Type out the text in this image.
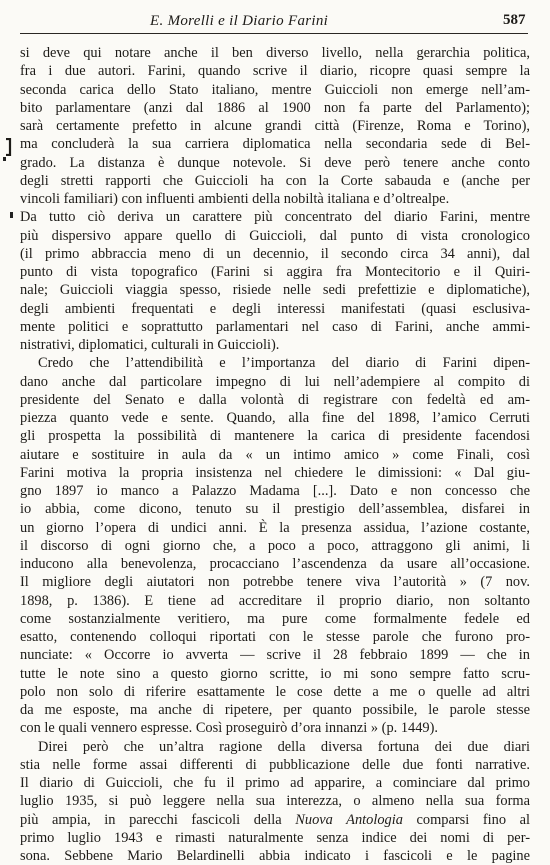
E. Morelli e il Diario Farini	587
si deve qui notare anche il ben diverso livello, nella gerarchia politica,
fra i due autori. Farini, quando scrive il diario, ricopre quasi sempre la
seconda carica dello Stato italiano, mentre Guiccioli non emerge nell’am-
bito parlamentare (anzi dal 1886 al 1900 non fa parte del Parlamento);
sarà certamente prefetto in alcune grandi città (Firenze, Roma e Torino),
ma concluderà la sua carriera diplomatica nella secondaria sede di Bel-
grado. La distanza è dunque notevole. Si deve però tenere anche conto
degli stretti rapporti che Guiccioli ha con la Corte sabauda e (anche per
vincoli familiari) con influenti ambienti della nobiltà italiana e d’oltrealpe.
Da tutto ciò deriva un carattere più concentrato del diario Farini, mentre
più dispersivo appare quello di Guiccioli, dal punto di vista cronologico
(il primo abbraccia meno di un decennio, il secondo circa 34 anni), dal
punto di vista topografico (Farini si aggira fra Montecitorio e il Quiri-
nale; Guiccioli viaggia spesso, risiede nelle sedi prefettizie e diplomatiche),
degli ambienti frequentati e degli interessi manifestati (quasi esclusiva-
mente politici e soprattutto parlamentari nel caso di Farini, anche ammi-
nistrativi, diplomatici, culturali in Guiccioli).
Credo che l’attendibilità e l’importanza del diario di Farini dipen-
dano anche dal particolare impegno di lui nell’adempiere al compito di
presidente del Senato e dalla volontà di registrare con fedeltà ed am-
piezza quanto vede e sente. Quando, alla fine del 1898, l’amico Cerruti
gli prospetta la possibilità di mantenere la carica di presidente facendosi
aiutare e sostituire in aula da « un intimo amico » come Finali, così
Farini motiva la propria insistenza nel chiedere le dimissioni: « Dal giu-
gno 1897 io manco a Palazzo Madama [...]. Dato e non concesso che
io abbia, come dicono, tenuto su il prestigio dell’assemblea, disfarei in
un giorno l’opera di undici anni. È la presenza assidua, l’azione costante,
il discorso di ogni giorno che, a poco a poco, attraggono gli animi, li
inducono alla benevolenza, procacciano l’ascendenza da usare all’occasione.
Il migliore degli aiutatori non potrebbe tenere viva l’autorità » (7 nov.
1898, p. 1386). E tiene ad accreditare il proprio diario, non soltanto
come sostanzialmente veritiero, ma pure come formalmente fedele ed
esatto, contenendo colloqui riportati con le stesse parole che furono pro-
nunciate: « Occorre io avverta — scrive il 28 febbraio 1899 — che in
tutte le note sino a questo giorno scritte, io mi sono sempre fatto scru-
polo non solo di riferire esattamente le cose dette a me o quelle ad altri
da me esposte, ma anche di ripetere, per quanto possibile, le parole stesse
con le quali vennero espresse. Così proseguirò d’ora innanzi » (p. 1449).
Direi però che un’altra ragione della diversa fortuna dei due diari
stia nelle forme assai differenti di pubblicazione delle due fonti narrative.
Il diario di Guiccioli, che fu il primo ad apparire, a cominciare dal primo
luglio 1935, si può leggere nella sua interezza, o almeno nella sua forma
più ampia, in parecchi fascicoli della Nuova Antologia comparsi fino al
primo luglio 1943 e rimasti naturalmente senza indice dei nomi di per-
sona. Sebbene Mario Belardinelli abbia indicato i fascicoli e le pagine
